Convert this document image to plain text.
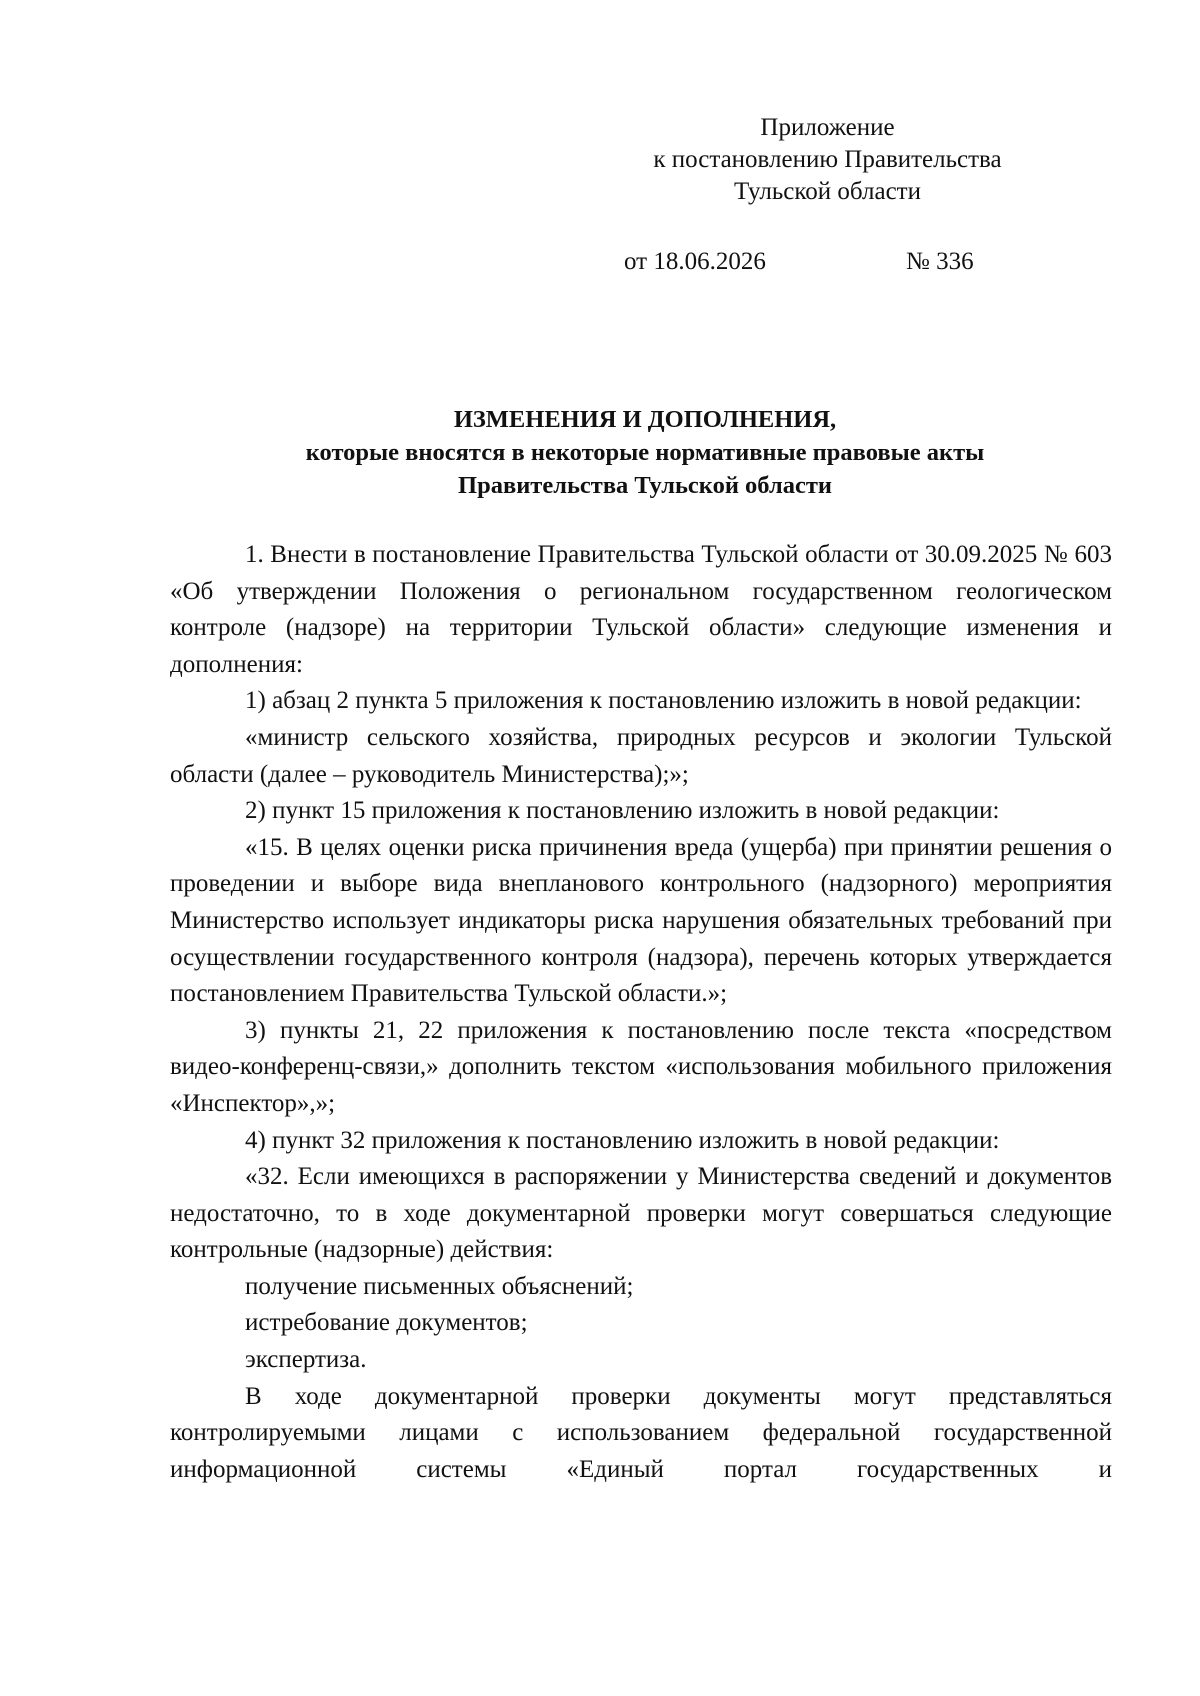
Приложение
к постановлению Правительства
Тульской области
от 18.06.2026	№ 336
ИЗМЕНЕНИЯ И ДОПОЛНЕНИЯ,
которые вносятся в некоторые нормативные правовые акты
Правительства Тульской области

1. Внести в постановление Правительства Тульской области от 30.09.2025 № 603 «Об утверждении Положения о региональном государственном геологическом контроле (надзоре) на территории Тульской области» следующие изменения и дополнения:

1) абзац 2 пункта 5 приложения к постановлению изложить в новой редакции:

«министр сельского хозяйства, природных ресурсов и экологии Тульской области (далее – руководитель Министерства);»;

2) пункт 15 приложения к постановлению изложить в новой редакции:

«15. В целях оценки риска причинения вреда (ущерба) при принятии решения о проведении и выборе вида внепланового контрольного (надзорного) мероприятия Министерство использует индикаторы риска нарушения обязательных требований при осуществлении государственного контроля (надзора), перечень которых утверждается постановлением Правительства Тульской области.»;

3) пункты 21, 22 приложения к постановлению после текста «посредством видео-конференц-связи,» дополнить текстом «использования мобильного приложения «Инспектор»,»;

4) пункт 32 приложения к постановлению изложить в новой редакции:

«32. Если имеющихся в распоряжении у Министерства сведений и документов недостаточно, то в ходе документарной проверки могут совершаться следующие контрольные (надзорные) действия:

получение письменных объяснений;

истребование документов;

экспертиза.

В ходе документарной проверки документы могут представляться контролируемыми лицами с использованием федеральной государственной информационной системы «Единый портал государственных и
